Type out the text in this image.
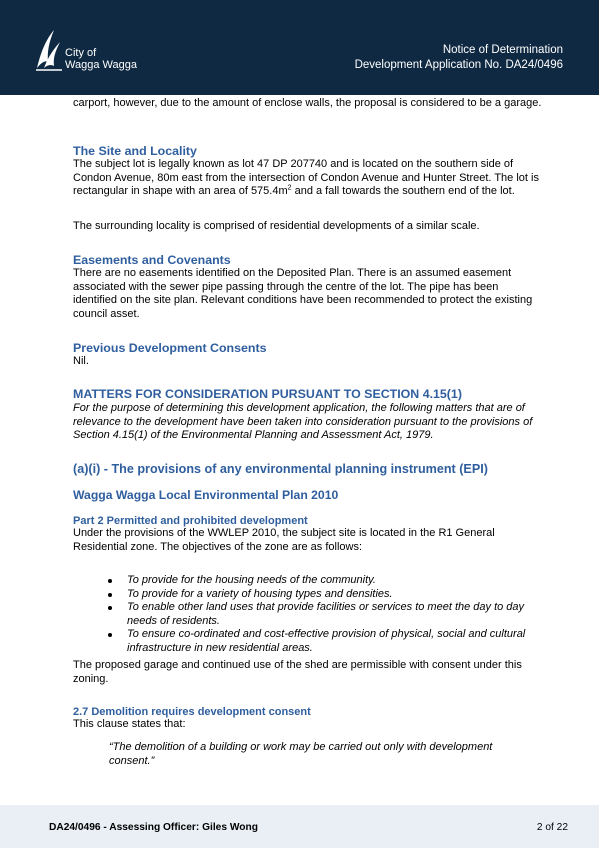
City of
Wagga Wagga
Notice of Determination
Development Application No. DA24/0496

carport, however, due to the amount of enclose walls, the proposal is considered to be a garage.

The Site and Locality

The subject lot is legally known as lot 47 DP 207740 and is located on the southern side of Condon Avenue, 80m east from the intersection of Condon Avenue and Hunter Street. The lot is rectangular in shape with an area of $575.4m^2$ and a fall towards the southern end of the lot.

The surrounding locality is comprised of residential developments of a similar scale.

Easements and Covenants

There are no easements identified on the Deposited Plan. There is an assumed easement associated with the sewer pipe passing through the centre of the lot. The pipe has been identified on the site plan. Relevant conditions have been recommended to protect the existing council asset.

Previous Development Consents

Nil.

MATTERS FOR CONSIDERATION PURSUANT TO SECTION 4.15(1)

For the purpose of determining this development application, the following matters that are of relevance to the development have been taken into consideration pursuant to the provisions of Section 4.15(1) of the Environmental Planning and Assessment Act, 1979.

(a)(i) - The provisions of any environmental planning instrument (EPI)
Wagga Wagga Local Environmental Plan 2010
Part 2 Permitted and prohibited development

Under the provisions of the WWLEP 2010, the subject site is located in the R1 General Residential zone. The objectives of the zone are as follows:

To provide for the housing needs of the community.
To provide for a variety of housing types and densities.
To enable other land uses that provide facilities or services to meet the day to day needs of residents.
To ensure co-ordinated and cost-effective provision of physical, social and cultural infrastructure in new residential areas.

The proposed garage and continued use of the shed are permissible with consent under this zoning.

2.7 Demolition requires development consent

This clause states that:

“The demolition of a building or work may be carried out only with development consent.”

DA24/0496 - Assessing Officer: Giles Wong	2 of 22
